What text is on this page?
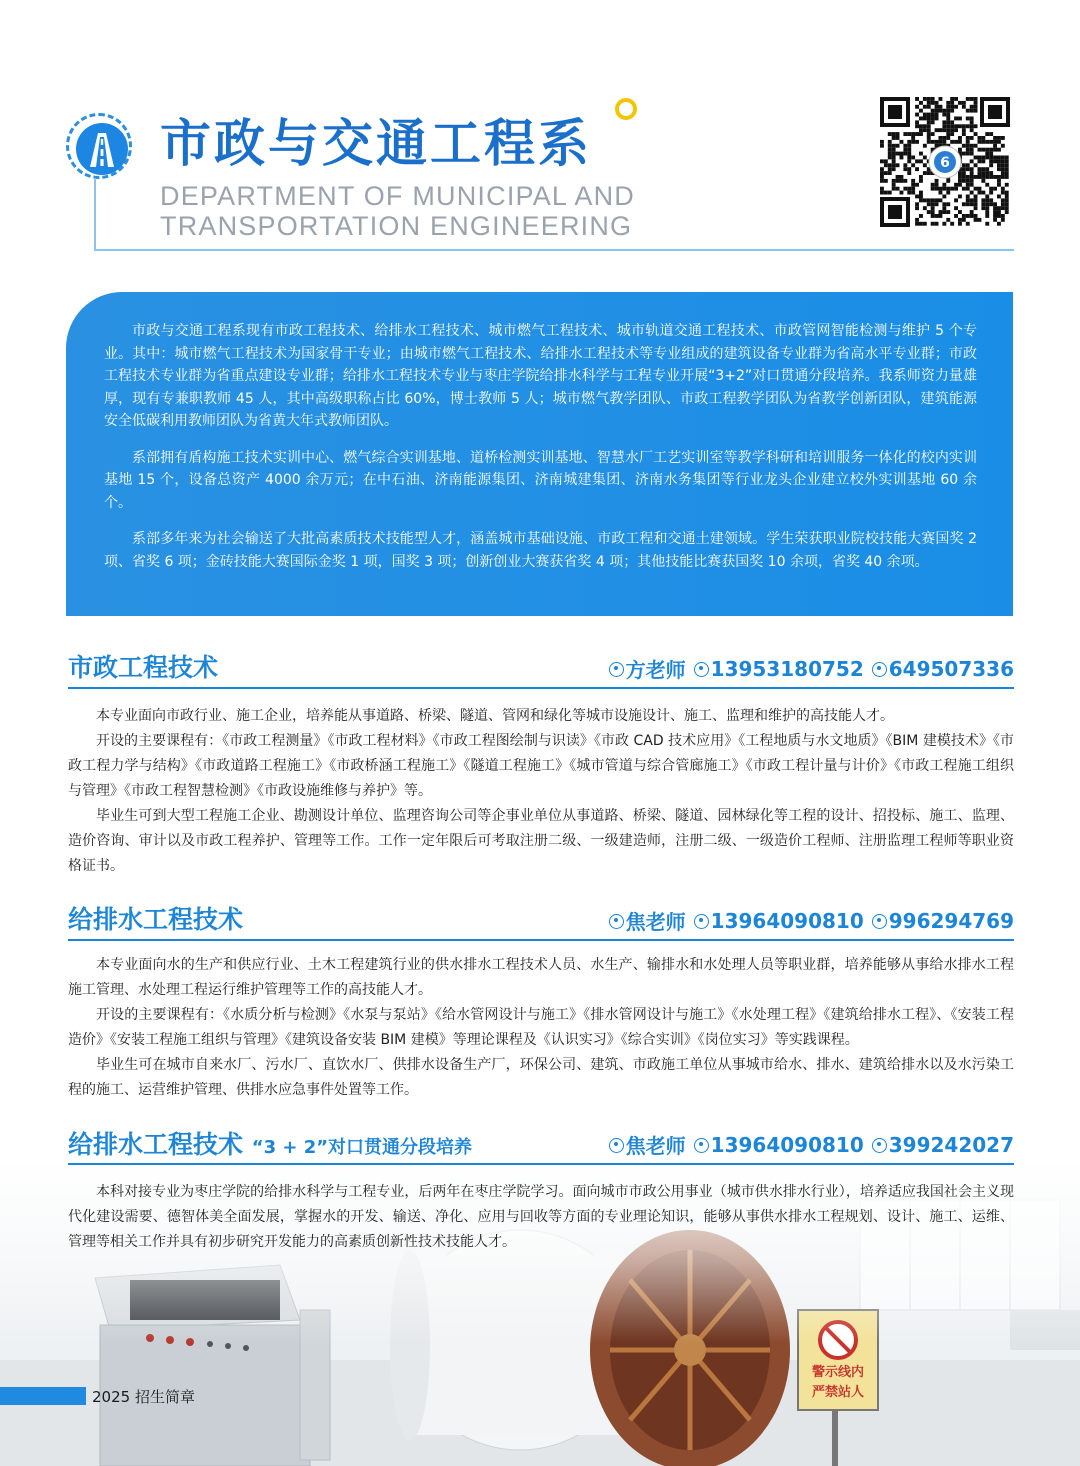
市政与交通工程系
DEPARTMENT OF MUNICIPAL AND
TRANSPORTATION ENGINEERING
6

市政与交通工程系现有市政工程技术、给排水工程技术、城市燃气工程技术、城市轨道交通工程技术、市政管网智能检测与维护 5 个专业。其中：城市燃气工程技术为国家骨干专业；由城市燃气工程技术、给排水工程技术等专业组成的建筑设备专业群为省高水平专业群；市政工程技术专业群为省重点建设专业群；给排水工程技术专业与枣庄学院给排水科学与工程专业开展“3+2”对口贯通分段培养。我系师资力量雄厚，现有专兼职教师 45 人，其中高级职称占比 60%，博士教师 5 人；城市燃气教学团队、市政工程教学团队为省教学创新团队，建筑能源安全低碳利用教师团队为省黄大年式教师团队。

系部拥有盾构施工技术实训中心、燃气综合实训基地、道桥检测实训基地、智慧水厂工艺实训室等教学科研和培训服务一体化的校内实训基地 15 个，设备总资产 4000 余万元；在中石油、济南能源集团、济南城建集团、济南水务集团等行业龙头企业建立校外实训基地 60 余个。

系部多年来为社会输送了大批高素质技术技能型人才，涵盖城市基础设施、市政工程和交通土建领域。学生荣获职业院校技能大赛国奖 2 项、省奖 6 项；金砖技能大赛国际金奖 1 项，国奖 3 项；创新创业大赛获省奖 4 项；其他技能比赛获国奖 10 余项，省奖 40 余项。

市政工程技术	方老师 13953180752 649507336

本专业面向市政行业、施工企业，培养能从事道路、桥梁、隧道、管网和绿化等城市设施设计、施工、监理和维护的高技能人才。

开设的主要课程有：《市政工程测量》《市政工程材料》《市政工程图绘制与识读》《市政 CAD 技术应用》《工程地质与水文地质》《BIM 建模技术》《市政工程力学与结构》《市政道路工程施工》《市政桥涵工程施工》《隧道工程施工》《城市管道与综合管廊施工》《市政工程计量与计价》《市政工程施工组织与管理》《市政工程智慧检测》《市政设施维修与养护》等。

毕业生可到大型工程施工企业、勘测设计单位、监理咨询公司等企事业单位从事道路、桥梁、隧道、园林绿化等工程的设计、招投标、施工、监理、造价咨询、审计以及市政工程养护、管理等工作。工作一定年限后可考取注册二级、一级建造师，注册二级、一级造价工程师、注册监理工程师等职业资格证书。

给排水工程技术	焦老师 13964090810 996294769

本专业面向水的生产和供应行业、土木工程建筑行业的供水排水工程技术人员、水生产、输排水和水处理人员等职业群，培养能够从事给水排水工程施工管理、水处理工程运行维护管理等工作的高技能人才。

开设的主要课程有：《水质分析与检测》《水泵与泵站》《给水管网设计与施工》《排水管网设计与施工》《水处理工程》《建筑给排水工程》、《安装工程造价》《安装工程施工组织与管理》《建筑设备安装 BIM 建模》等理论课程及《认识实习》《综合实训》《岗位实习》等实践课程。

毕业生可在城市自来水厂、污水厂、直饮水厂、供排水设备生产厂，环保公司、建筑、市政施工单位从事城市给水、排水、建筑给排水以及水污染工程的施工、运营维护管理、供排水应急事件处置等工作。

给排水工程技术 “3 + 2”对口贯通分段培养	焦老师 13964090810 399242027

本科对接专业为枣庄学院的给排水科学与工程专业，后两年在枣庄学院学习。面向城市市政公用事业（城市供水排水行业），培养适应我国社会主义现代化建设需要、德智体美全面发展，掌握水的开发、输送、净化、应用与回收等方面的专业理论知识，能够从事供水排水工程规划、设计、施工、运维、管理等相关工作并具有初步研究开发能力的高素质创新性技术技能人才。

2025 招生简章
